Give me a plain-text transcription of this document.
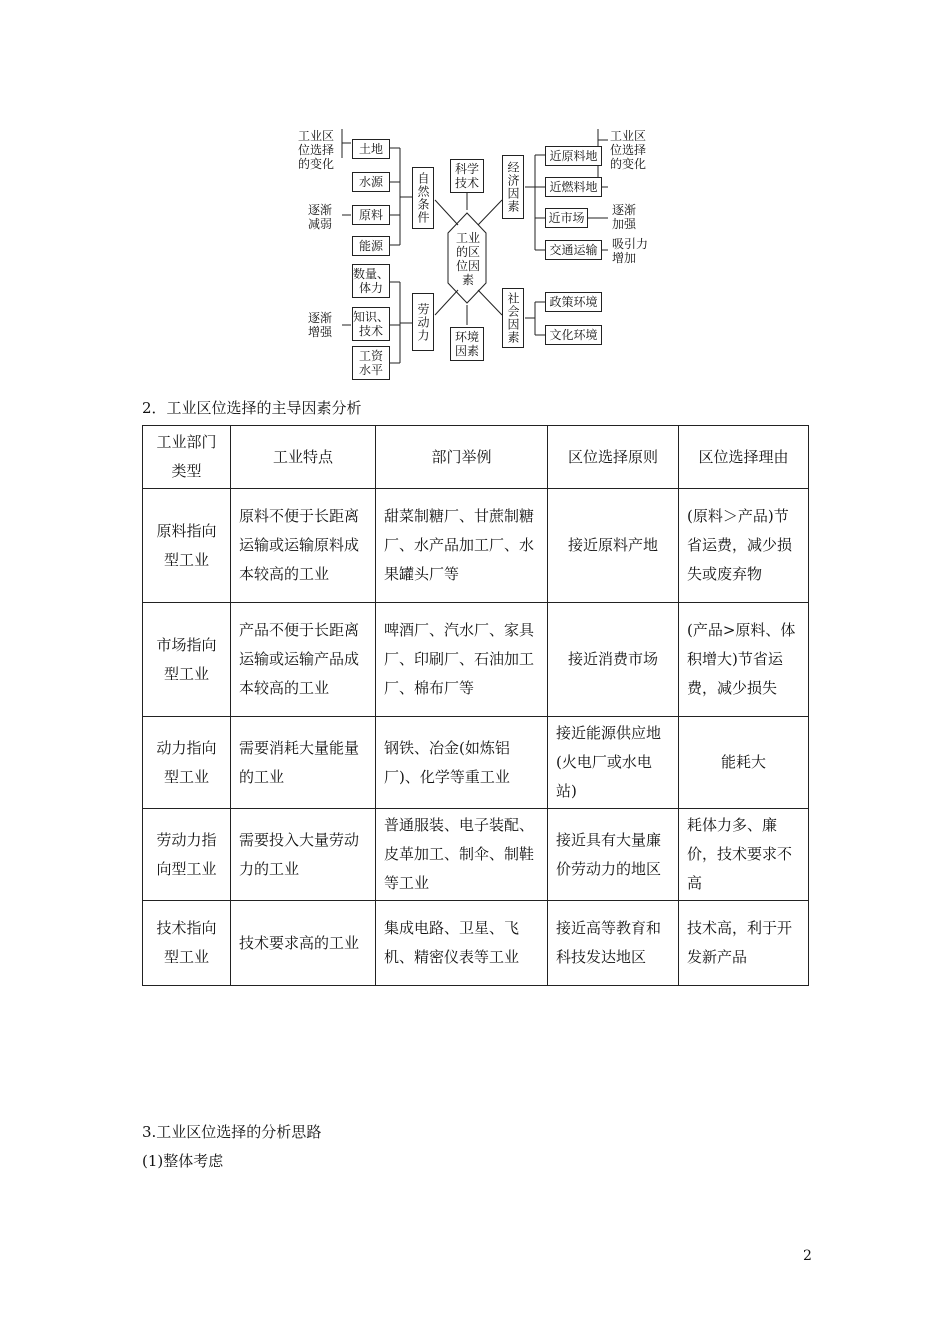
工业区
位选择
的变化
逐渐
减弱
逐渐
增强
土地
水源
原料
能源
自然条件
数量、
体力
知识、
技术
工资
水平
劳动力
科学
技术
环境
因素
工业
的区
位因
素
经济因素
近原料地
近燃料地
近市场
交通运输
社会因素	政策环境
文化环境
工业区
位选择
的变化
逐渐
加强
吸引力
增加
2．工业区位选择的主导因素分析
工业部门类型	工业特点	部门举例	区位选择原则	区位选择理由
原料指向型工业	原料不便于长距离运输或运输原料成本较高的工业	甜菜制糖厂、甘蔗制糖厂、水产品加工厂、水果罐头厂等	接近原料产地	(原料＞产品)节省运费，减少损失或废弃物
市场指向型工业	产品不便于长距离运输或运输产品成本较高的工业	啤酒厂、汽水厂、家具厂、印刷厂、石油加工厂、棉布厂等	接近消费市场	(产品>原料、体积增大)节省运费，减少损失
动力指向型工业	需要消耗大量能量的工业	钢铁、冶金(如炼铝厂)、化学等重工业	接近能源供应地(火电厂或水电站)	能耗大
劳动力指向型工业	需要投入大量劳动力的工业	普通服装、电子装配、皮革加工、制伞、制鞋等工业	接近具有大量廉价劳动力的地区	耗体力多、廉价，技术要求不高
技术指向型工业	技术要求高的工业	集成电路、卫星、飞机、精密仪表等工业	接近高等教育和科技发达地区	技术高，利于开发新产品
3.工业区位选择的分析思路
(1)整体考虑
2
